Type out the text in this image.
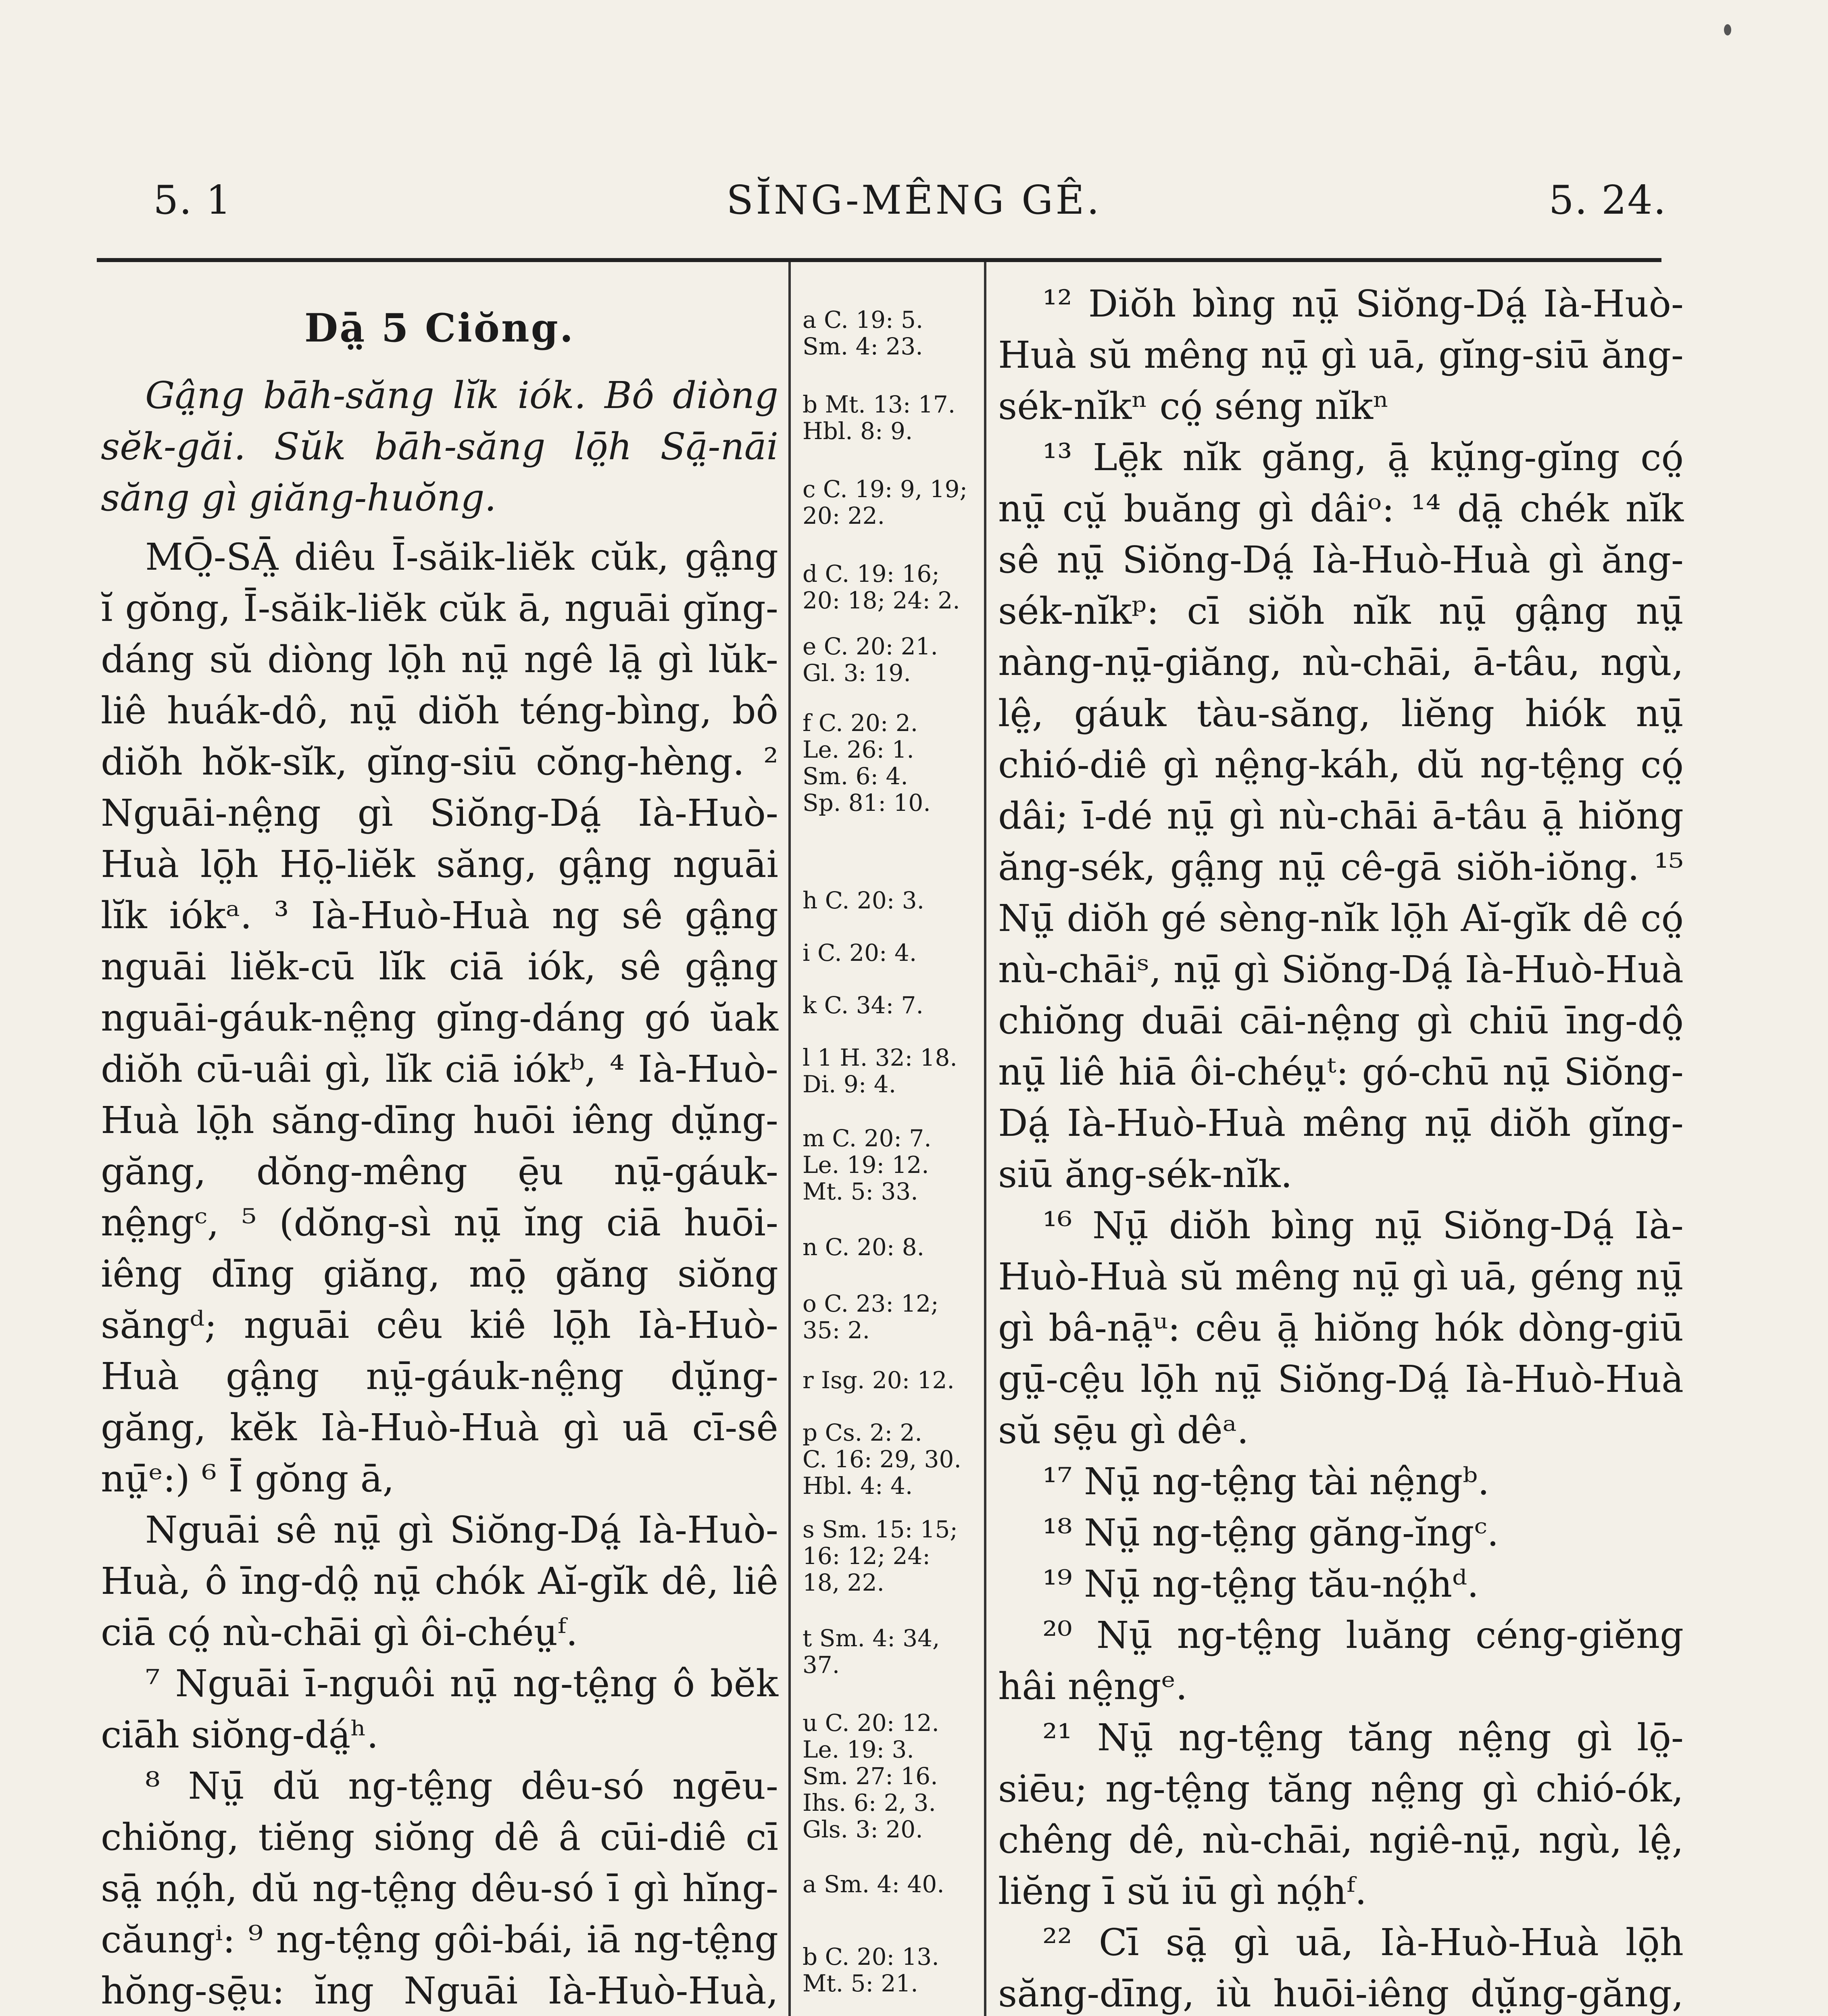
5. 1	SĬNG-MÊNG GÊ.	5. 24.
Dā̤ 5 Ciŏng.

Gâ̤ng bāh-săng lĭk iók. Bô diòng sĕk-găi. Sŭk bāh-săng lō̤h Sā̤-nāi săng gì giăng-huŏng.

MŌ̤-SĀ̤ diêu Ī-săik-liĕk cŭk, gâ̤ng ĭ gŏng, Ī-săik-liĕk cŭk ā, nguāi gĭng-dáng sŭ diòng lō̤h nṳ̄ ngê lā̤ gì lŭk-liê huák-dô, nṳ̄ diŏh téng-bìng, bô diŏh hŏk-sĭk, gĭng-siū cŏng-hèng. ² Nguāi-nê̤ng gì Siŏng-Dá̤ Ià-Huò-Huà lō̤h Hō̤-liĕk săng, gâ̤ng nguāi lĭk iókᵃ. ³ Ià-Huò-Huà ng sê gâ̤ng nguāi liĕk-cū lĭk ciā iók, sê gâ̤ng nguāi-gáuk-nê̤ng gĭng-dáng gó ŭak diŏh cū-uâi gì, lĭk ciā iókᵇ, ⁴ Ià-Huò-Huà lō̤h săng-dīng huōi iêng dṳ̆ng-găng, dŏng-mêng ē̤u nṳ̄-gáuk-nê̤ngᶜ, ⁵ (dŏng-sì nṳ̄ ĭng ciā huōi-iêng dīng giăng, mō̤ găng siŏng săngᵈ; nguāi cêu kiê lō̤h Ià-Huò-Huà gâ̤ng nṳ̄-gáuk-nê̤ng dṳ̆ng-găng, kĕk Ià-Huò-Huà gì uā cī-sê nṳ̄ᵉ:) ⁶ Ī gŏng ā,

Nguāi sê nṳ̄ gì Siŏng-Dá̤ Ià-Huò-Huà, ô īng-dô̤ nṳ̄ chók Aĭ-gĭk dê, liê ciā có̤ nù-chāi gì ôi-chéṳᶠ.

⁷ Nguāi ī-nguôi nṳ̄ ng-tê̤ng ô bĕk ciāh siŏng-dá̤ʰ.

⁸ Nṳ̄ dŭ ng-tê̤ng dêu-só ngēu-chiŏng, tiĕng siŏng dê â cūi-diê cī sā̤ nó̤h, dŭ ng-tê̤ng dêu-só ī gì hĭng-căungⁱ: ⁹ ng-tê̤ng gôi-bái, iā ng-tê̤ng hŏng-sē̤u: ĭng Nguāi Ià-Huò-Huà,

a C. 19: 5.
Sm. 4: 23.
b Mt. 13: 17.
Hbl. 8: 9.
c C. 19: 9, 19;
20: 22.
d C. 19: 16;
20: 18; 24: 2.
e C. 20: 21.
Gl. 3: 19.
f C. 20: 2.
Le. 26: 1.
Sm. 6: 4.
Sp. 81: 10.
h C. 20: 3.
i C. 20: 4.
k C. 34: 7.
l 1 H. 32: 18.
Di. 9: 4.
m C. 20: 7.
Le. 19: 12.
Mt. 5: 33.
n C. 20: 8.
o C. 23: 12;
35: 2.
r Isg. 20: 12.
p Cs. 2: 2.
C. 16: 29, 30.
Hbl. 4: 4.
s Sm. 15: 15;
16: 12; 24:
18, 22.
t Sm. 4: 34,
37.
u C. 20: 12.
Le. 19: 3.
Sm. 27: 16.
Ihs. 6: 2, 3.
Gls. 3: 20.
a Sm. 4: 40.
b C. 20: 13.
Mt. 5: 21.

¹² Diŏh bìng nṳ̄ Siŏng-Dá̤ Ià-Huò-Huà sŭ mêng nṳ̄ gì uā, gĭng-siū ăng-sék-nĭkⁿ có̤ séng nĭkⁿ

¹³ Lē̤k nĭk găng, ā̤ kṳ̆ng-gĭng có̤ nṳ̄ cṳ̆ buăng gì dâiᵒ: ¹⁴ dā̤ chék nĭk sê nṳ̄ Siŏng-Dá̤ Ià-Huò-Huà gì ăng-sék-nĭkᵖ: cī siŏh nĭk nṳ̄ gâ̤ng nṳ̄ nàng-nṳ̄-giăng, nù-chāi, ā-tâu, ngù, lê̤, gáuk tàu-săng, liĕng hiók nṳ̄ chió-diê gì nê̤ng-káh, dŭ ng-tê̤ng có̤ dâi; ī-dé nṳ̄ gì nù-chāi ā-tâu ā̤ hiŏng ăng-sék, gâ̤ng nṳ̄ cê-gā siŏh-iŏng. ¹⁵ Nṳ̄ diŏh gé sèng-nĭk lō̤h Aĭ-gĭk dê có̤ nù-chāiˢ, nṳ̄ gì Siŏng-Dá̤ Ià-Huò-Huà chiŏng duāi cāi-nê̤ng gì chiū īng-dô̤ nṳ̄ liê hiā ôi-chéṳᵗ: gó-chū nṳ̄ Siŏng-Dá̤ Ià-Huò-Huà mêng nṳ̄ diŏh gĭng-siū ăng-sék-nĭk.

¹⁶ Nṳ̄ diŏh bìng nṳ̄ Siŏng-Dá̤ Ià-Huò-Huà sŭ mêng nṳ̄ gì uā, géng nṳ̄ gì bâ-nā̤ᵘ: cêu ā̤ hiŏng hók dòng-giū gṳ̄-cê̤u lō̤h nṳ̄ Siŏng-Dá̤ Ià-Huò-Huà sŭ sē̤u gì dêᵃ.

¹⁷ Nṳ̄ ng-tê̤ng tài nê̤ngᵇ.

¹⁸ Nṳ̄ ng-tê̤ng găng-ĭngᶜ.

¹⁹ Nṳ̄ ng-tê̤ng tău-nó̤hᵈ.

²⁰ Nṳ̄ ng-tê̤ng luăng céng-giĕng hâi nê̤ngᵉ.

²¹ Nṳ̄ ng-tê̤ng tăng nê̤ng gì lō̤-siēu; ng-tê̤ng tăng nê̤ng gì chió-ók, chêng dê, nù-chāi, ngiê-nṳ̄, ngù, lê̤, liĕng ī sŭ iū gì nó̤hᶠ.

²² Cī sā̤ gì uā, Ià-Huò-Huà lō̤h săng-dīng, iù huōi-iêng dṳ̆ng-găng,
